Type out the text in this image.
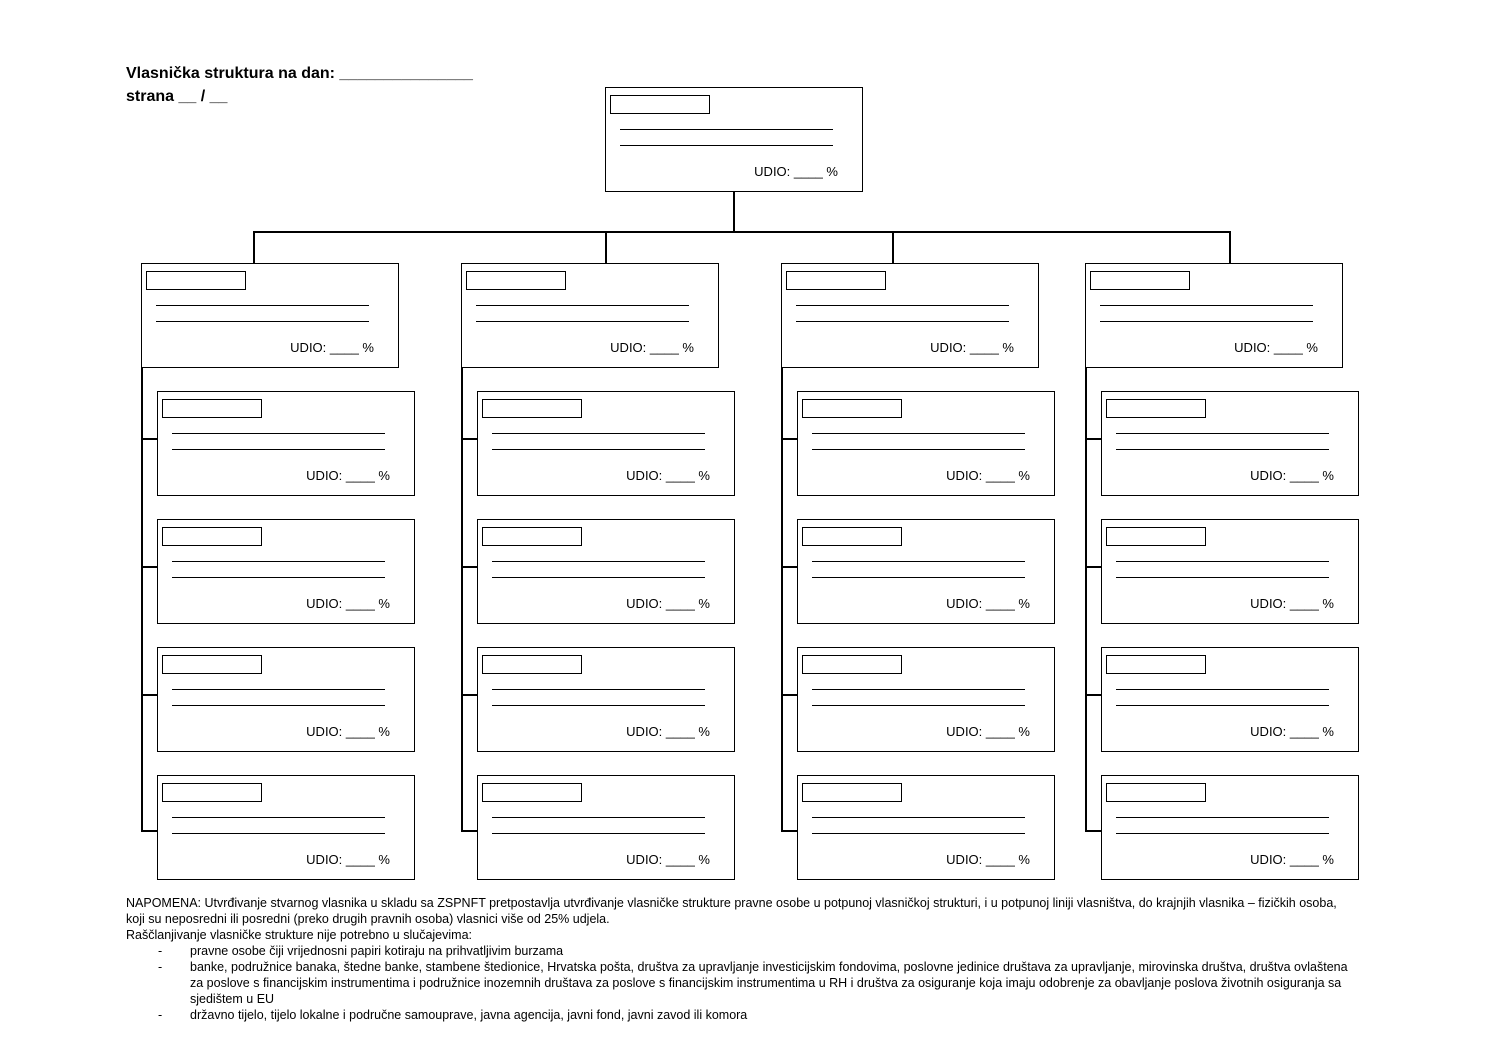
Vlasnička struktura na dan: _______________
strana __ / __
UDIO: ____ %
UDIO: ____ %	UDIO: ____ %	UDIO: ____ %	UDIO: ____ %
UDIO: ____ %
UDIO: ____ %
UDIO: ____ %
UDIO: ____ %
UDIO: ____ %
UDIO: ____ %
UDIO: ____ %
UDIO: ____ %
UDIO: ____ %
UDIO: ____ %
UDIO: ____ %
UDIO: ____ %
UDIO: ____ %
UDIO: ____ %
UDIO: ____ %
UDIO: ____ %

NAPOMENA: Utvrđivanje stvarnog vlasnika u skladu sa ZSPNFT pretpostavlja utvrđivanje vlasničke strukture pravne osobe u potpunoj vlasničkoj strukturi, i u potpunoj liniji vlasništva, do krajnjih vlasnika – fizičkih osoba, koji su neposredni ili posredni (preko drugih pravnih osoba) vlasnici više od 25% udjela.

Raščlanjivanje vlasničke strukture nije potrebno u slučajevima:

- pravne osobe čiji vrijednosni papiri kotiraju na prihvatljivim burzama
- banke, podružnice banaka, štedne banke, stambene štedionice, Hrvatska pošta, društva za upravljanje investicijskim fondovima, poslovne jedinice društava za upravljanje, mirovinska društva, društva ovlaštena za poslove s financijskim instrumentima i podružnice inozemnih društava za poslove s financijskim instrumentima u RH i društva za osiguranje koja imaju odobrenje za obavljanje poslova životnih osiguranja sa sjedištem u EU
- državno tijelo, tijelo lokalne i područne samouprave, javna agencija, javni fond, javni zavod ili komora
